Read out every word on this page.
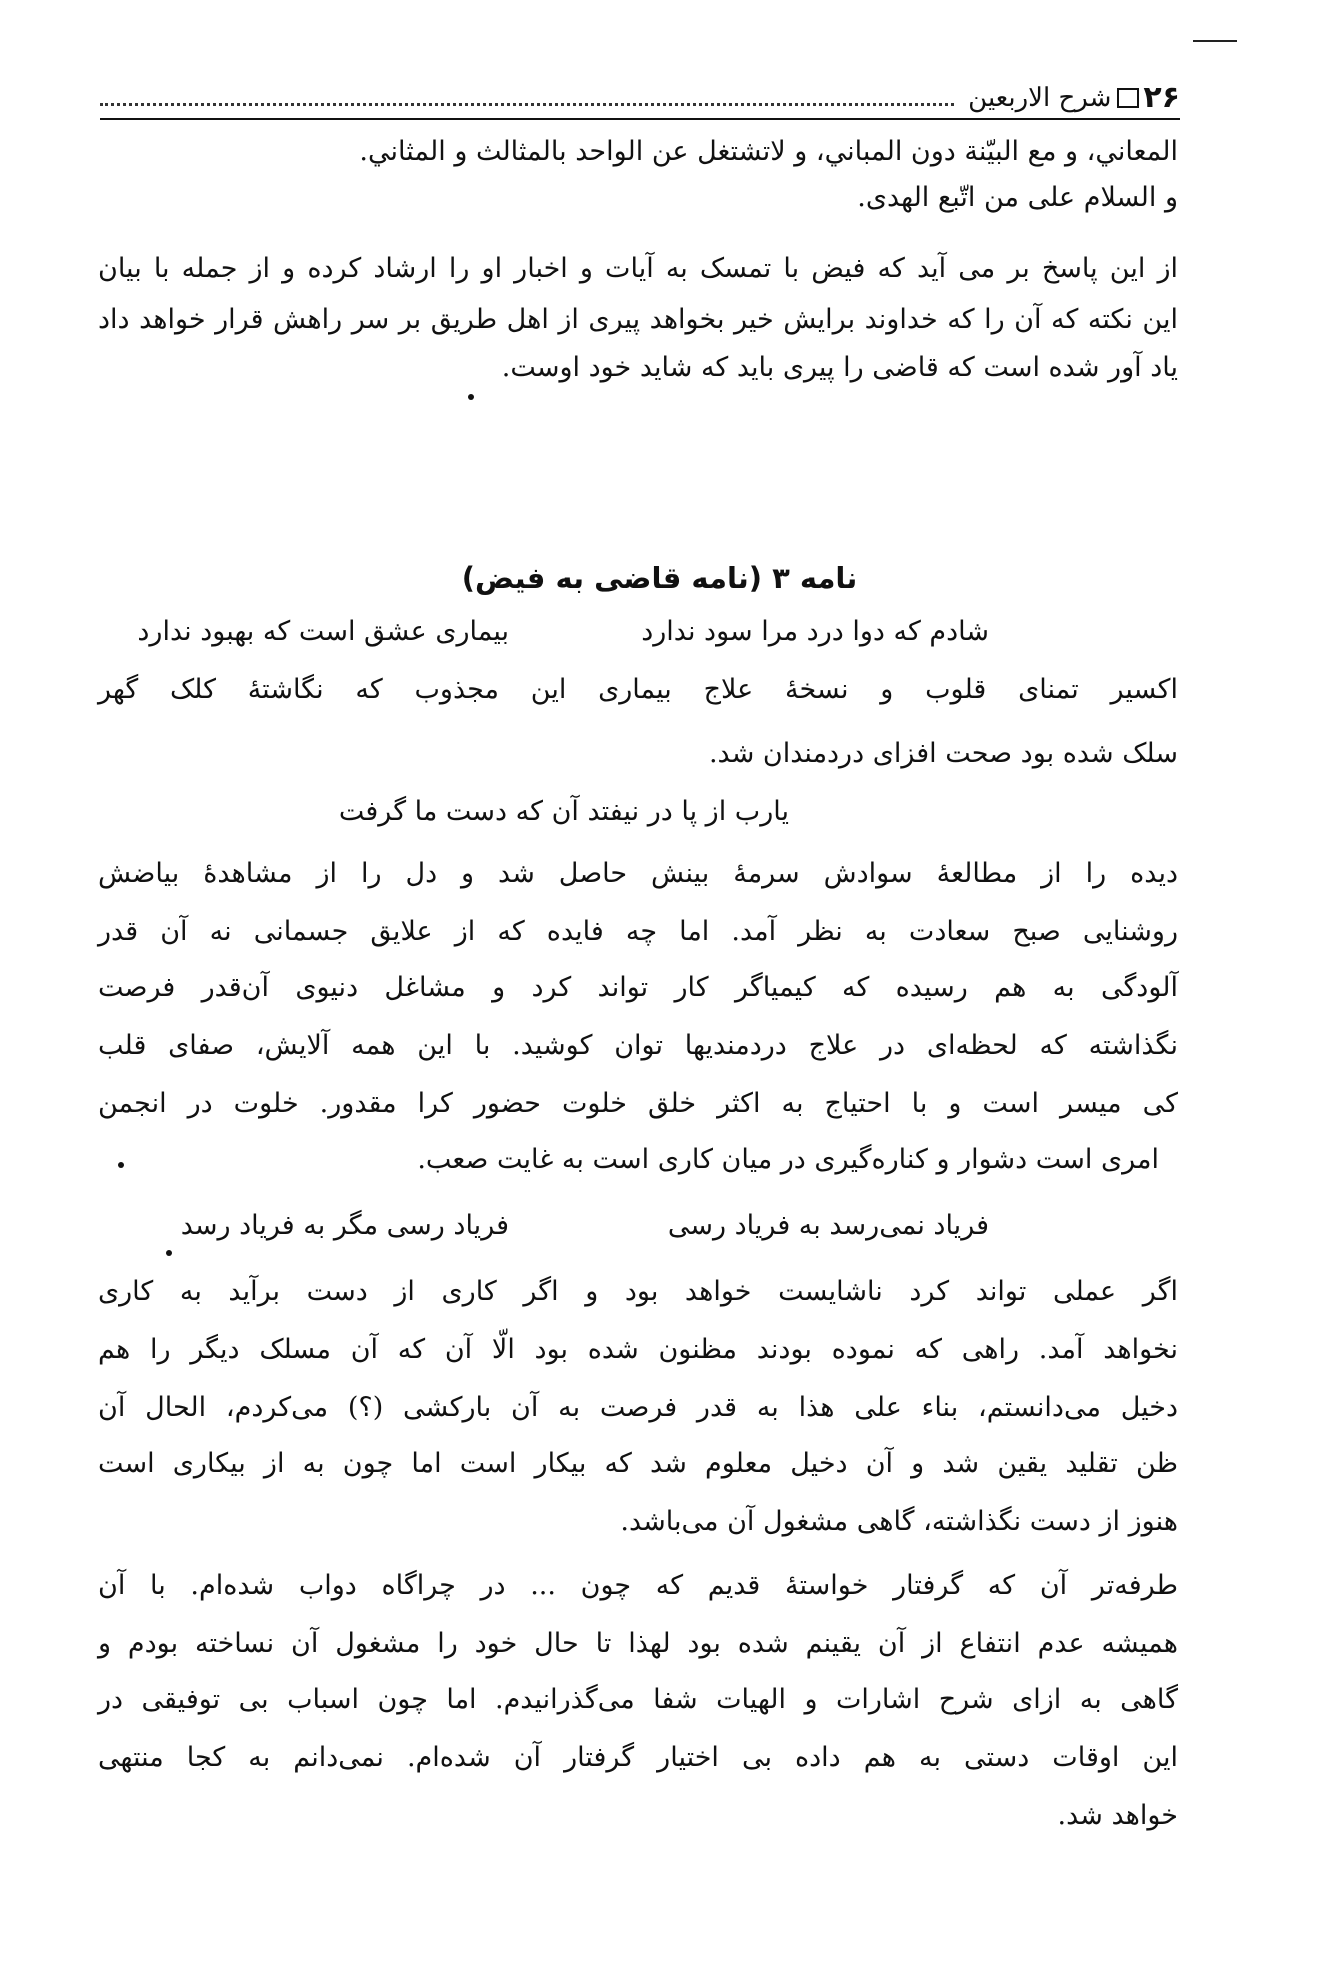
۲۶
شرح الاربعین
المعاني، و مع البیّنة دون المباني، و لاتشتغل عن الواحد بالمثالث و المثاني.
و السلام علی من اتّبع الهدی.
از این پاسخ بر می آید که فیض با تمسک به آیات و اخبار او را ارشاد کرده و از جمله با بیان
این نکته که آن را که خداوند برایش خیر بخواهد پیری از اهل طریق بر سر راهش قرار خواهد داد
یاد آور شده است که قاضی را پیری باید که شاید خود اوست.
نامه ۳ (نامه قاضی به فیض)
شادم که دوا درد مرا سود ندارد
بیماری عشق است که بهبود ندارد
اکسیر تمنای قلوب و نسخهٔ علاج بیماری این مجذوب که نگاشتهٔ کلک گهر
سلک شده بود صحت افزای دردمندان شد.
یارب از پا در نیفتد آن که دست ما گرفت
دیده را از مطالعهٔ سوادش سرمهٔ بینش حاصل شد و دل را از مشاهدهٔ بیاضش
روشنایی صبح سعادت به نظر آمد. اما چه فایده که از علایق جسمانی نه آن قدر
آلودگی به هم رسیده که کیمیاگر کار تواند کرد و مشاغل دنیوی آن‌قدر فرصت
نگذاشته که لحظه‌ای در علاج دردمندیها توان کوشید. با این همه آلایش، صفای قلب
کی میسر است و با احتیاج به اکثر خلق خلوت حضور کرا مقدور. خلوت در انجمن
امری است دشوار و کناره‌گیری در میان کاری است به غایت صعب.
فریاد نمی‌رسد به فریاد رسی
فریاد رسی مگر به فریاد رسد
اگر عملی تواند کرد ناشایست خواهد بود و اگر کاری از دست برآید به کاری
نخواهد آمد. راهی که نموده بودند مظنون شده بود الّا آن که آن مسلک دیگر را هم
دخیل می‌دانستم، بناء علی هذا به قدر فرصت به آن بارکشی (؟) می‌کردم، الحال آن
ظن تقلید یقین شد و آن دخیل معلوم شد که بیکار است اما چون به از بیکاری است
هنوز از دست نگذاشته، گاهی مشغول آن می‌باشد.
طرفه‌تر آن که گرفتار خواستهٔ قدیم که چون ... در چراگاه دواب شده‌ام. با آن
همیشه عدم انتفاع از آن یقینم شده بود لهذا تا حال خود را مشغول آن نساخته بودم و
گاهی به ازای شرح اشارات و الهیات شفا می‌گذرانیدم. اما چون اسباب بی توفیقی در
این اوقات دستی به هم داده بی اختیار گرفتار آن شده‌ام. نمی‌دانم به کجا منتهی
خواهد شد.
